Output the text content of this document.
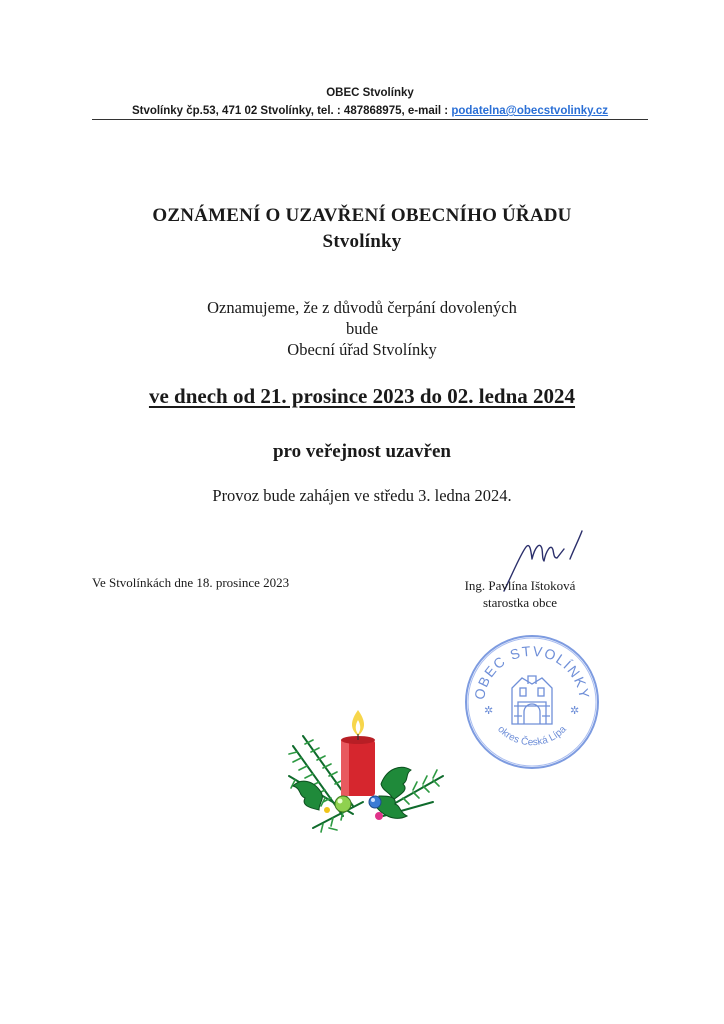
OBEC Stvolínky
Stvolínky čp.53, 471 02 Stvolínky, tel. : 487868975, e-mail : podatelna@obecstvolinky.cz
OZNÁMENÍ O UZAVŘENÍ OBECNÍHO ÚŘADU
Stvolínky
Oznamujeme, že z důvodů čerpání dovolených
bude
Obecní úřad Stvolínky
ve dnech od 21. prosince 2023 do 02. ledna 2024
pro veřejnost uzavřen
Provoz bude zahájen ve středu 3. ledna 2024.
Ve Stvolínkách dne 18. prosince 2023	Ing. Pavlína Ištoková
starostka obce
OBEC STVOLÍNKY
okres Česká Lípa
✲	✲
